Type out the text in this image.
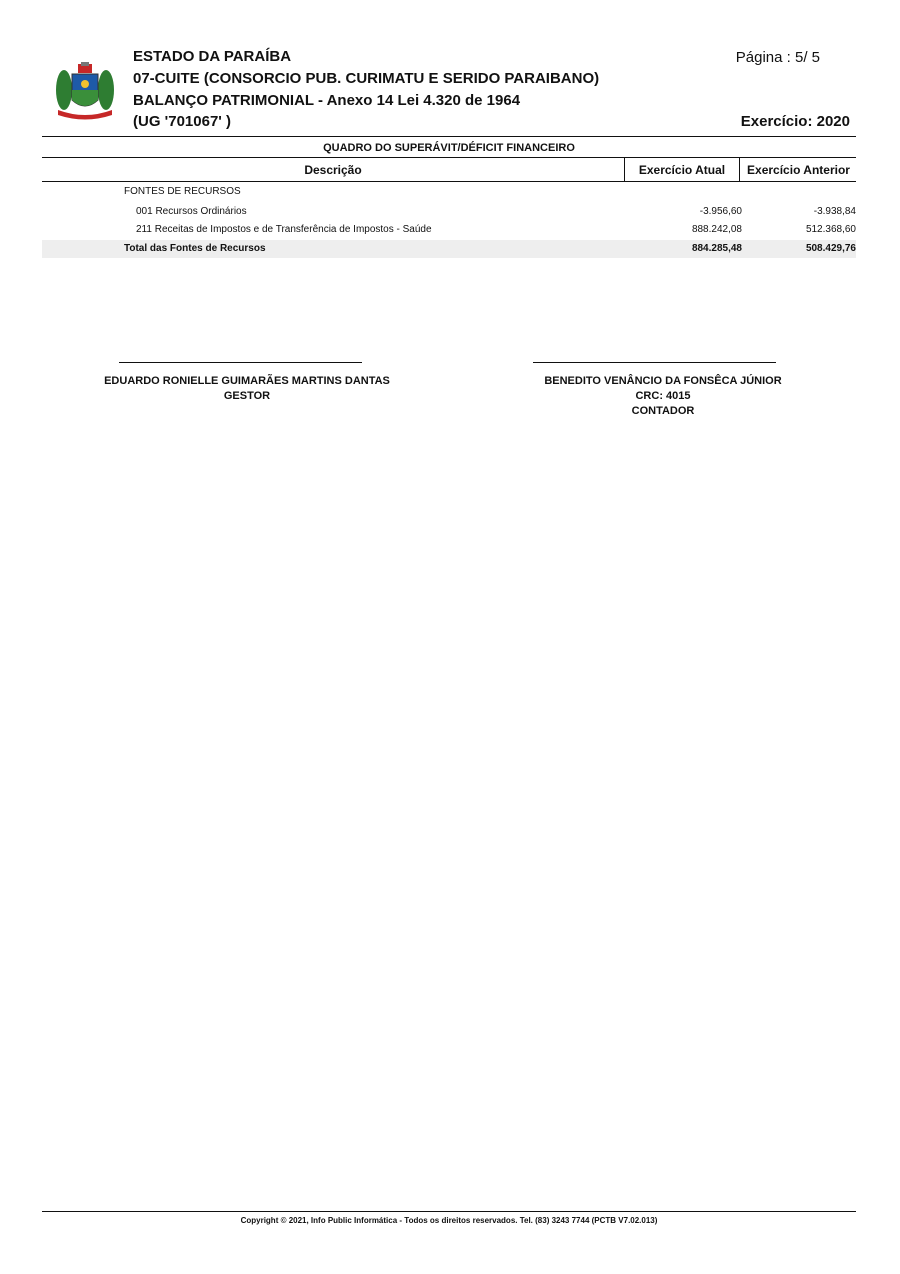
ESTADO DA PARAÍBA
07-CUITE (CONSORCIO PUB. CURIMATU E SERIDO PARAIBANO)
BALANÇO PATRIMONIAL - Anexo 14 Lei 4.320 de 1964
(UG '701067' )
Página : 5/ 5
Exercício: 2020
QUADRO DO SUPERÁVIT/DÉFICIT FINANCEIRO
Descrição	Exercício Atual	Exercício Anterior
FONTES DE RECURSOS
001 Recursos Ordinários	-3.956,60	-3.938,84
211 Receitas de Impostos e de Transferência de Impostos - Saúde	888.242,08	512.368,60
Total das Fontes de Recursos	884.285,48	508.429,76
EDUARDO RONIELLE GUIMARÃES MARTINS DANTAS
GESTOR
BENEDITO VENÂNCIO DA FONSÊCA JÚNIOR
CRC: 4015
CONTADOR
Copyright © 2021, Info Public Informática - Todos os direitos reservados. Tel. (83) 3243 7744 (PCTB V7.02.013)
